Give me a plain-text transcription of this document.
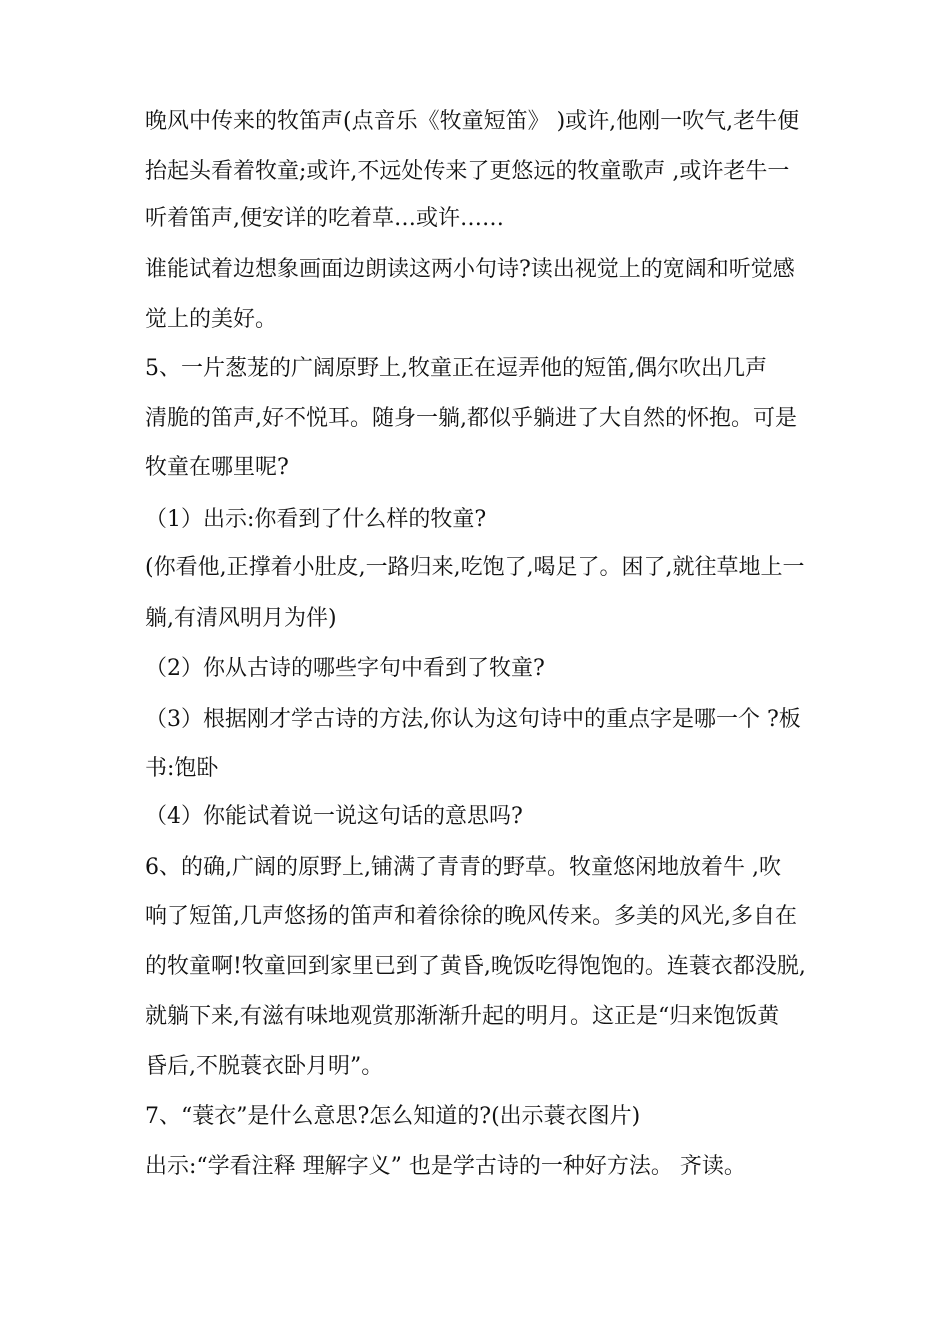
晚风中传来的牧笛声(点音乐《牧童短笛》 )或许,他刚一吹气,老牛便

抬起头看着牧童;或许,不远处传来了更悠远的牧童歌声 ,或许老牛一

听着笛声,便安详的吃着草…或许……

谁能试着边想象画面边朗读这两小句诗?读出视觉上的宽阔和听觉感

觉上的美好。

5、一片葱茏的广阔原野上,牧童正在逗弄他的短笛,偶尔吹出几声

清脆的笛声,好不悦耳。随身一躺,都似乎躺进了大自然的怀抱。可是

牧童在哪里呢?

（1）出示:你看到了什么样的牧童?

(你看他,正撑着小肚皮,一路归来,吃饱了,喝足了。困了,就往草地上一

躺,有清风明月为伴)

（2）你从古诗的哪些字句中看到了牧童?

（3）根据刚才学古诗的方法,你认为这句诗中的重点字是哪一个 ?板

书:饱卧

（4）你能试着说一说这句话的意思吗?

6、的确,广阔的原野上,铺满了青青的野草。牧童悠闲地放着牛 ,吹

响了短笛,几声悠扬的笛声和着徐徐的晚风传来。多美的风光,多自在

的牧童啊!牧童回到家里已到了黄昏,晚饭吃得饱饱的。连蓑衣都没脱,

就躺下来,有滋有味地观赏那渐渐升起的明月。这正是“归来饱饭黄

昏后,不脱蓑衣卧月明”。

7、“蓑衣”是什么意思?怎么知道的?(出示蓑衣图片)

出示:“学看注释 理解字义” 也是学古诗的一种好方法。 齐读。
